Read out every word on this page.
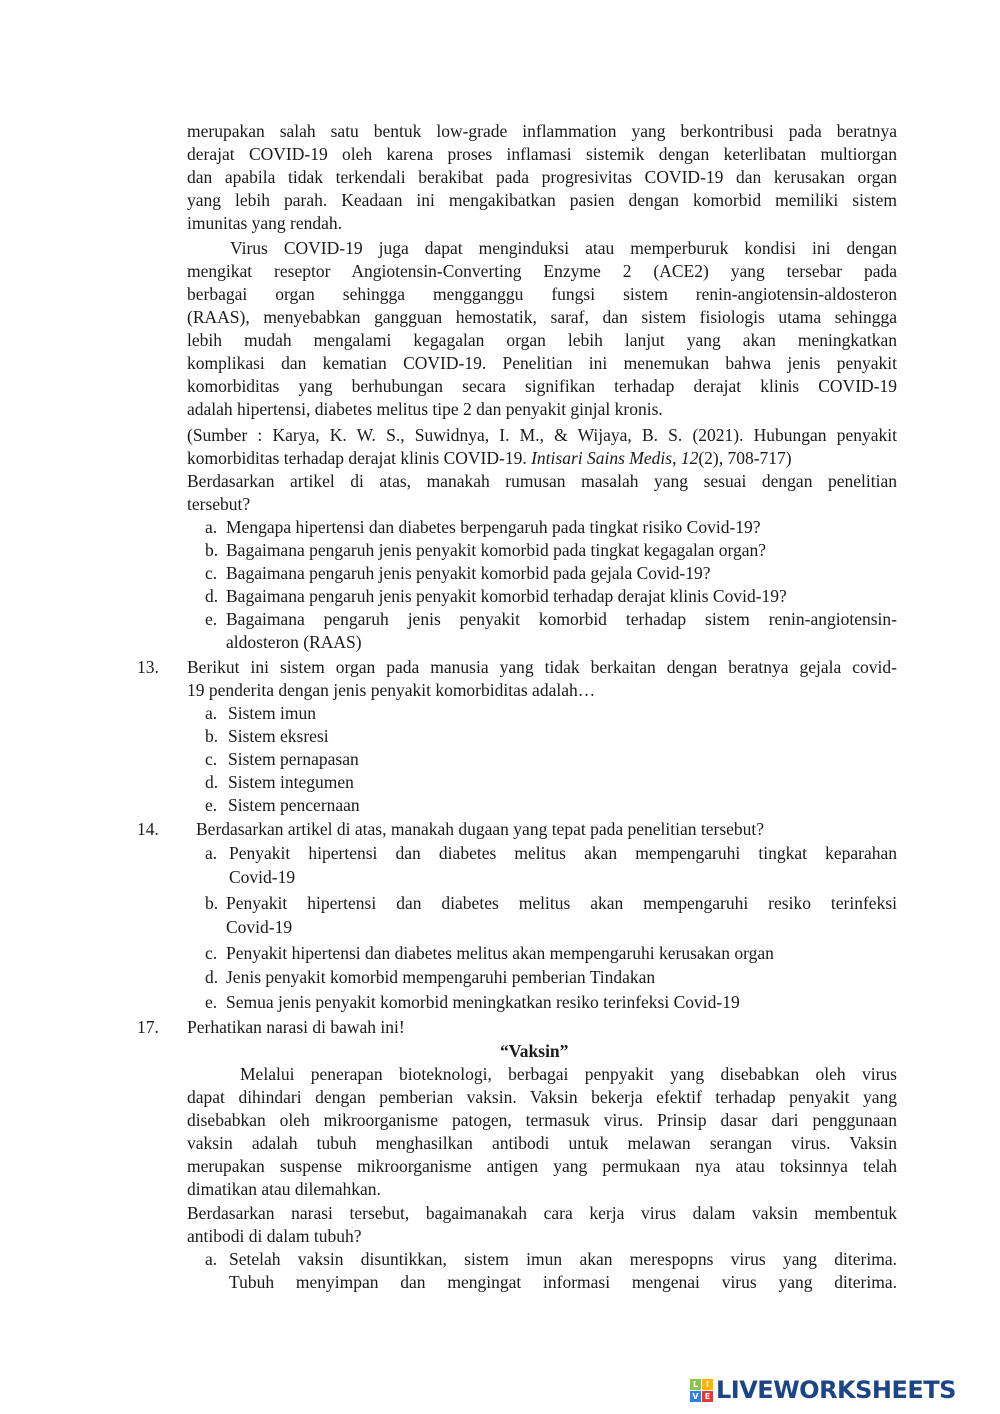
merupakan salah satu bentuk low-grade inflammation yang berkontribusi pada beratnya
derajat COVID-19 oleh karena proses inflamasi sistemik dengan keterlibatan multiorgan
dan apabila tidak terkendali berakibat pada progresivitas COVID-19 dan kerusakan organ
yang lebih parah. Keadaan ini mengakibatkan pasien dengan komorbid memiliki sistem
imunitas yang rendah.
Virus COVID-19 juga dapat menginduksi atau memperburuk kondisi ini dengan
mengikat reseptor Angiotensin-Converting Enzyme 2 (ACE2) yang tersebar pada
berbagai organ sehingga mengganggu fungsi sistem renin-angiotensin-aldosteron
(RAAS), menyebabkan gangguan hemostatik, saraf, dan sistem fisiologis utama sehingga
lebih mudah mengalami kegagalan organ lebih lanjut yang akan meningkatkan
komplikasi dan kematian COVID-19. Penelitian ini menemukan bahwa jenis penyakit
komorbiditas yang berhubungan secara signifikan terhadap derajat klinis COVID-19
adalah hipertensi, diabetes melitus tipe 2 dan penyakit ginjal kronis.
(Sumber : Karya, K. W. S., Suwidnya, I. M., & Wijaya, B. S. (2021). Hubungan penyakit
komorbiditas terhadap derajat klinis COVID-19. Intisari Sains Medis, 12(2), 708-717)
Berdasarkan artikel di atas, manakah rumusan masalah yang sesuai dengan penelitian
tersebut?
a. Mengapa hipertensi dan diabetes berpengaruh pada tingkat risiko Covid-19?
b. Bagaimana pengaruh jenis penyakit komorbid pada tingkat kegagalan organ?
c. Bagaimana pengaruh jenis penyakit komorbid pada gejala Covid-19?
d. Bagaimana pengaruh jenis penyakit komorbid terhadap derajat klinis Covid-19?
e. Bagaimana pengaruh jenis penyakit komorbid terhadap sistem renin-angiotensin-
aldosteron (RAAS)
13. Berikut ini sistem organ pada manusia yang tidak berkaitan dengan beratnya gejala covid-
19 penderita dengan jenis penyakit komorbiditas adalah…
a. Sistem imun
b. Sistem eksresi
c. Sistem pernapasan
d. Sistem integumen
e. Sistem pencernaan
14. Berdasarkan artikel di atas, manakah dugaan yang tepat pada penelitian tersebut?
a. Penyakit hipertensi dan diabetes melitus akan mempengaruhi tingkat keparahan
Covid-19
b. Penyakit hipertensi dan diabetes melitus akan mempengaruhi resiko terinfeksi
Covid-19
c. Penyakit hipertensi dan diabetes melitus akan mempengaruhi kerusakan organ
d. Jenis penyakit komorbid mempengaruhi pemberian Tindakan
e. Semua jenis penyakit komorbid meningkatkan resiko terinfeksi Covid-19
17. Perhatikan narasi di bawah ini!
“Vaksin”
Melalui penerapan bioteknologi, berbagai penpyakit yang disebabkan oleh virus
dapat dihindari dengan pemberian vaksin. Vaksin bekerja efektif terhadap penyakit yang
disebabkan oleh mikroorganisme patogen, termasuk virus. Prinsip dasar dari penggunaan
vaksin adalah tubuh menghasilkan antibodi untuk melawan serangan virus. Vaksin
merupakan suspense mikroorganisme antigen yang permukaan nya atau toksinnya telah
dimatikan atau dilemahkan.
Berdasarkan narasi tersebut, bagaimanakah cara kerja virus dalam vaksin membentuk
antibodi di dalam tubuh?
a. Setelah vaksin disuntikkan, sistem imun akan merespopns virus yang diterima.
Tubuh menyimpan dan mengingat informasi mengenai virus yang diterima.
L I
V E LIVEWORKSHEETS
